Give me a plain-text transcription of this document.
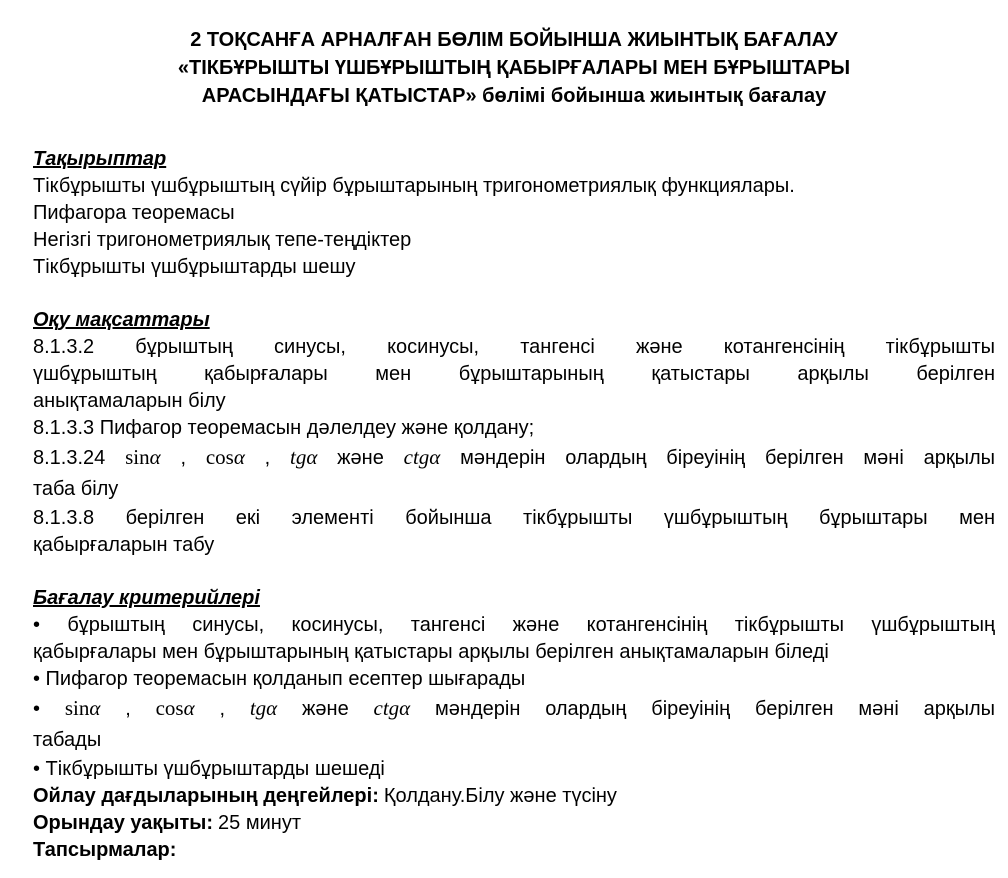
2 ТОҚСАНҒА АРНАЛҒАН БӨЛІМ БОЙЫНША ЖИЫНТЫҚ БАҒАЛАУ
«ТІКБҰРЫШТЫ ҮШБҰРЫШТЫҢ ҚАБЫРҒАЛАРЫ МЕН БҰРЫШТАРЫ
АРАСЫНДАҒЫ ҚАТЫСТАР» бөлімі бойынша жиынтық бағалау
Тақырыптар

Тікбұрышты үшбұрыштың сүйір бұрыштарының тригонометриялық функциялары.

Пифагора теоремасы

Негізгі тригонометриялық тепе-теңдіктер

Тікбұрышты үшбұрыштарды шешу

Оқу мақсаттары
8.1.3.2 бұрыштың синусы, косинусы, тангенсі және котангенсінің тікбұрышты
үшбұрыштың қабырғалары мен бұрыштарының қатыстары арқылы берілген
анықтамаларын білу
8.1.3.3 Пифагор теоремасын дәлелдеу және қолдану;
8.1.3.24 sinα , cosα , tgα және ctgα мәндерін олардың біреуінің берілген мәні арқылы
таба білу
8.1.3.8 берілген екі элементі бойынша тікбұрышты үшбұрыштың бұрыштары мен
қабырғаларын табу
Бағалау критерийлері
• бұрыштың синусы, косинусы, тангенсі және котангенсінің тікбұрышты үшбұрыштың
қабырғалары мен бұрыштарының қатыстары арқылы берілген анықтамаларын біледі
• Пифагор теоремасын қолданып есептер шығарады
• sinα , cosα , tgα және ctgα мәндерін олардың біреуінің берілген мәні арқылы
табады
• Тікбұрышты үшбұрыштарды шешеді

Ойлау дағдыларының деңгейлері: Қолдану.Білу және түсіну

Орындау уақыты: 25 минут

Тапсырмалар:
